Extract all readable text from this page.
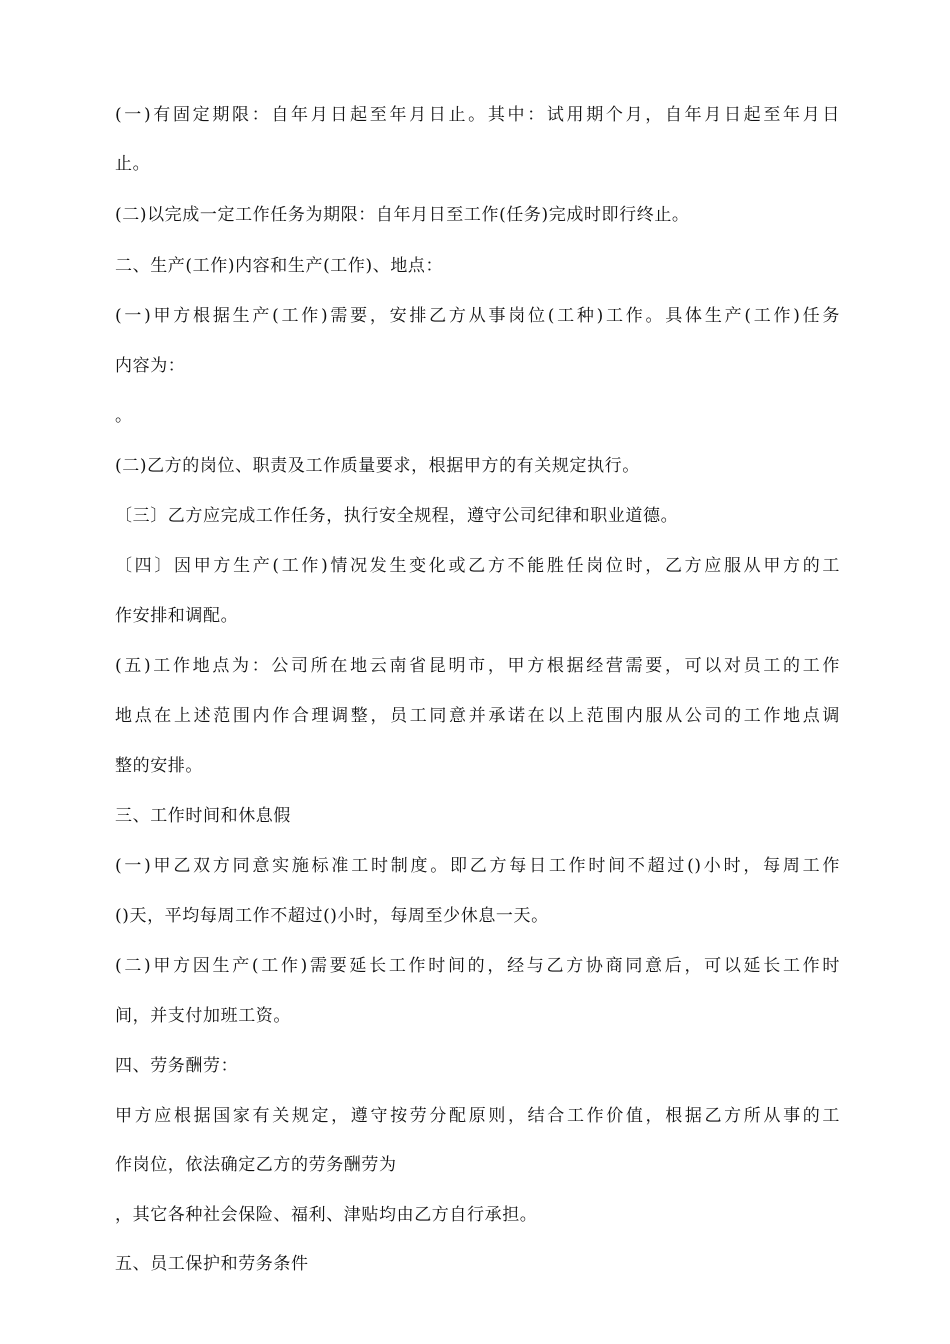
(一)有固定期限：自年月日起至年月日止。其中：试用期个月，自年月日起至年月日
止。
(二)以完成一定工作任务为期限：自年月日至工作(任务)完成时即行终止。
二、生产(工作)内容和生产(工作)、地点：
(一)甲方根据生产(工作)需要，安排乙方从事岗位(工种)工作。具体生产(工作)任务
内容为：
。
(二)乙方的岗位、职责及工作质量要求，根据甲方的有关规定执行。
〔三〕乙方应完成工作任务，执行安全规程，遵守公司纪律和职业道德。
〔四〕因甲方生产(工作)情况发生变化或乙方不能胜任岗位时，乙方应服从甲方的工
作安排和调配。
(五)工作地点为：公司所在地云南省昆明市，甲方根据经营需要，可以对员工的工作
地点在上述范围内作合理调整，员工同意并承诺在以上范围内服从公司的工作地点调
整的安排。
三、工作时间和休息假
(一)甲乙双方同意实施标准工时制度。即乙方每日工作时间不超过()小时，每周工作
()天，平均每周工作不超过()小时，每周至少休息一天。
(二)甲方因生产(工作)需要延长工作时间的，经与乙方协商同意后，可以延长工作时
间，并支付加班工资。
四、劳务酬劳：
甲方应根据国家有关规定，遵守按劳分配原则，结合工作价值，根据乙方所从事的工
作岗位，依法确定乙方的劳务酬劳为
，其它各种社会保险、福利、津贴均由乙方自行承担。
五、员工保护和劳务条件
